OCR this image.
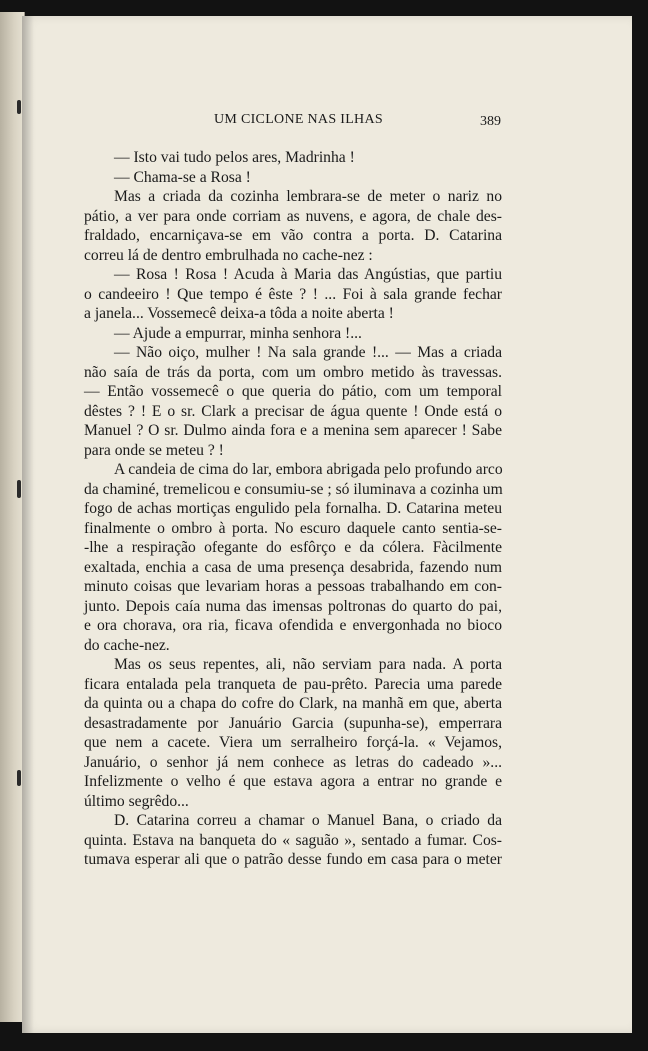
UM CICLONE NAS ILHAS	389
— Isto vai tudo pelos ares, Madrinha !
— Chama-se a Rosa !
Mas a criada da cozinha lembrara-se de meter o nariz no
pátio, a ver para onde corriam as nuvens, e agora, de chale des-
fraldado, encarniçava-se em vão contra a porta. D. Catarina
correu lá de dentro embrulhada no cache-nez :
— Rosa ! Rosa ! Acuda à Maria das Angústias, que partiu
o candeeiro ! Que tempo é êste ? ! ... Foi à sala grande fechar
a janela... Vossemecê deixa-a tôda a noite aberta !
— Ajude a empurrar, minha senhora !...
— Não oiço, mulher ! Na sala grande !... — Mas a criada
não saía de trás da porta, com um ombro metido às travessas.
— Então vossemecê o que queria do pátio, com um temporal
dêstes ? ! E o sr. Clark a precisar de água quente ! Onde está o
Manuel ? O sr. Dulmo ainda fora e a menina sem aparecer ! Sabe
para onde se meteu ? !
A candeia de cima do lar, embora abrigada pelo profundo arco
da chaminé, tremelicou e consumiu-se ; só iluminava a cozinha um
fogo de achas mortiças engulido pela fornalha. D. Catarina meteu
finalmente o ombro à porta. No escuro daquele canto sentia-se-
-lhe a respiração ofegante do esfôrço e da cólera. Fàcilmente
exaltada, enchia a casa de uma presença desabrida, fazendo num
minuto coisas que levariam horas a pessoas trabalhando em con-
junto. Depois caía numa das imensas poltronas do quarto do pai,
e ora chorava, ora ria, ficava ofendida e envergonhada no bioco
do cache-nez.
Mas os seus repentes, ali, não serviam para nada. A porta
ficara entalada pela tranqueta de pau-prêto. Parecia uma parede
da quinta ou a chapa do cofre do Clark, na manhã em que, aberta
desastradamente por Januário Garcia (supunha-se), emperrara
que nem a cacete. Viera um serralheiro forçá-la. « Vejamos,
Januário, o senhor já nem conhece as letras do cadeado »...
Infelizmente o velho é que estava agora a entrar no grande e
último segrêdo...
D. Catarina correu a chamar o Manuel Bana, o criado da
quinta. Estava na banqueta do « saguão », sentado a fumar. Cos-
tumava esperar ali que o patrão desse fundo em casa para o meter
